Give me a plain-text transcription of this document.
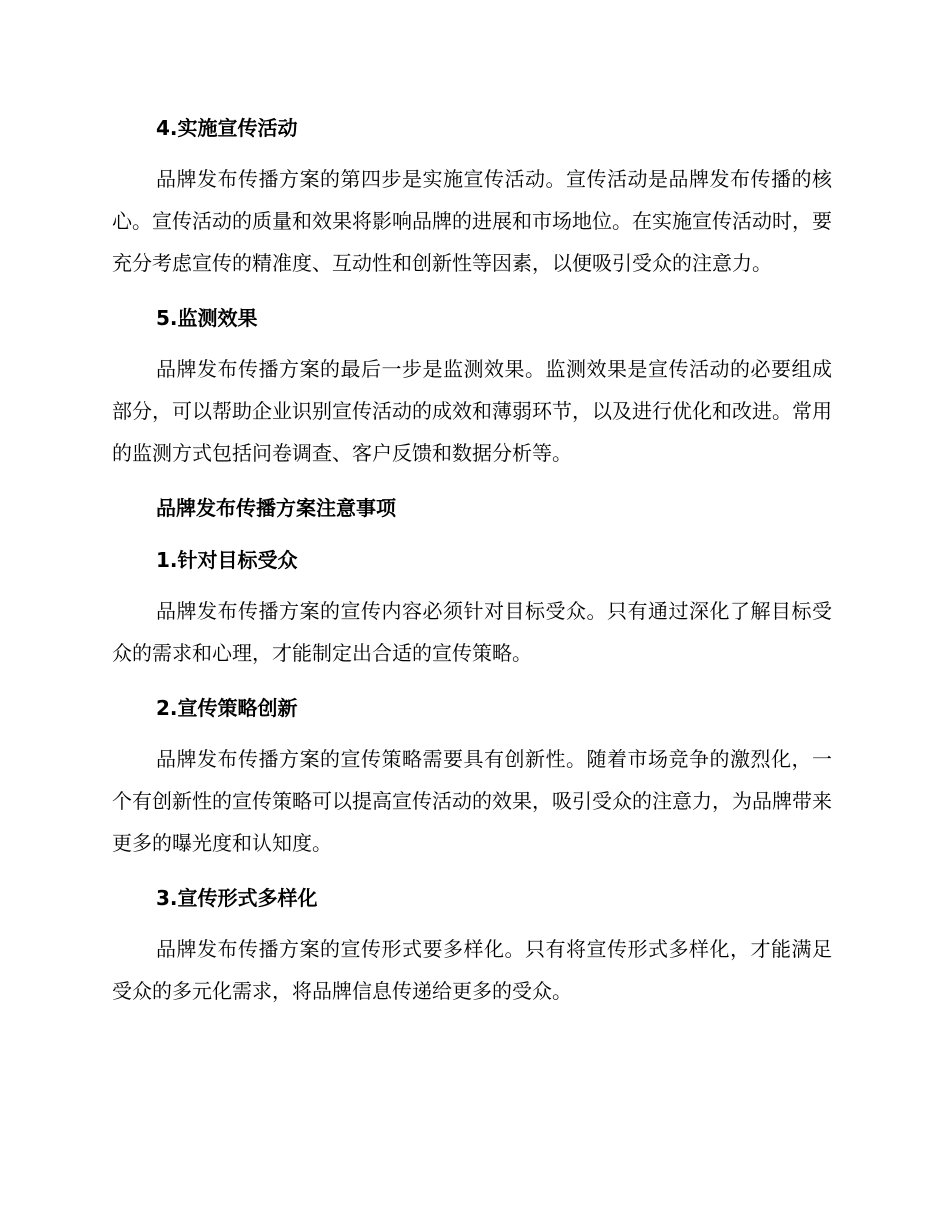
4.实施宣传活动

品牌发布传播方案的第四步是实施宣传活动。宣传活动是品牌发布传播的核心。宣传活动的质量和效果将影响品牌的进展和市场地位。在实施宣传活动时，要充分考虑宣传的精准度、互动性和创新性等因素，以便吸引受众的注意力。

5.监测效果

品牌发布传播方案的最后一步是监测效果。监测效果是宣传活动的必要组成部分，可以帮助企业识别宣传活动的成效和薄弱环节，以及进行优化和改进。常用的监测方式包括问卷调查、客户反馈和数据分析等。

品牌发布传播方案注意事项
1.针对目标受众

品牌发布传播方案的宣传内容必须针对目标受众。只有通过深化了解目标受众的需求和心理，才能制定出合适的宣传策略。

2.宣传策略创新

品牌发布传播方案的宣传策略需要具有创新性。随着市场竞争的激烈化，一个有创新性的宣传策略可以提高宣传活动的效果，吸引受众的注意力，为品牌带来更多的曝光度和认知度。

3.宣传形式多样化

品牌发布传播方案的宣传形式要多样化。只有将宣传形式多样化，才能满足受众的多元化需求，将品牌信息传递给更多的受众。
